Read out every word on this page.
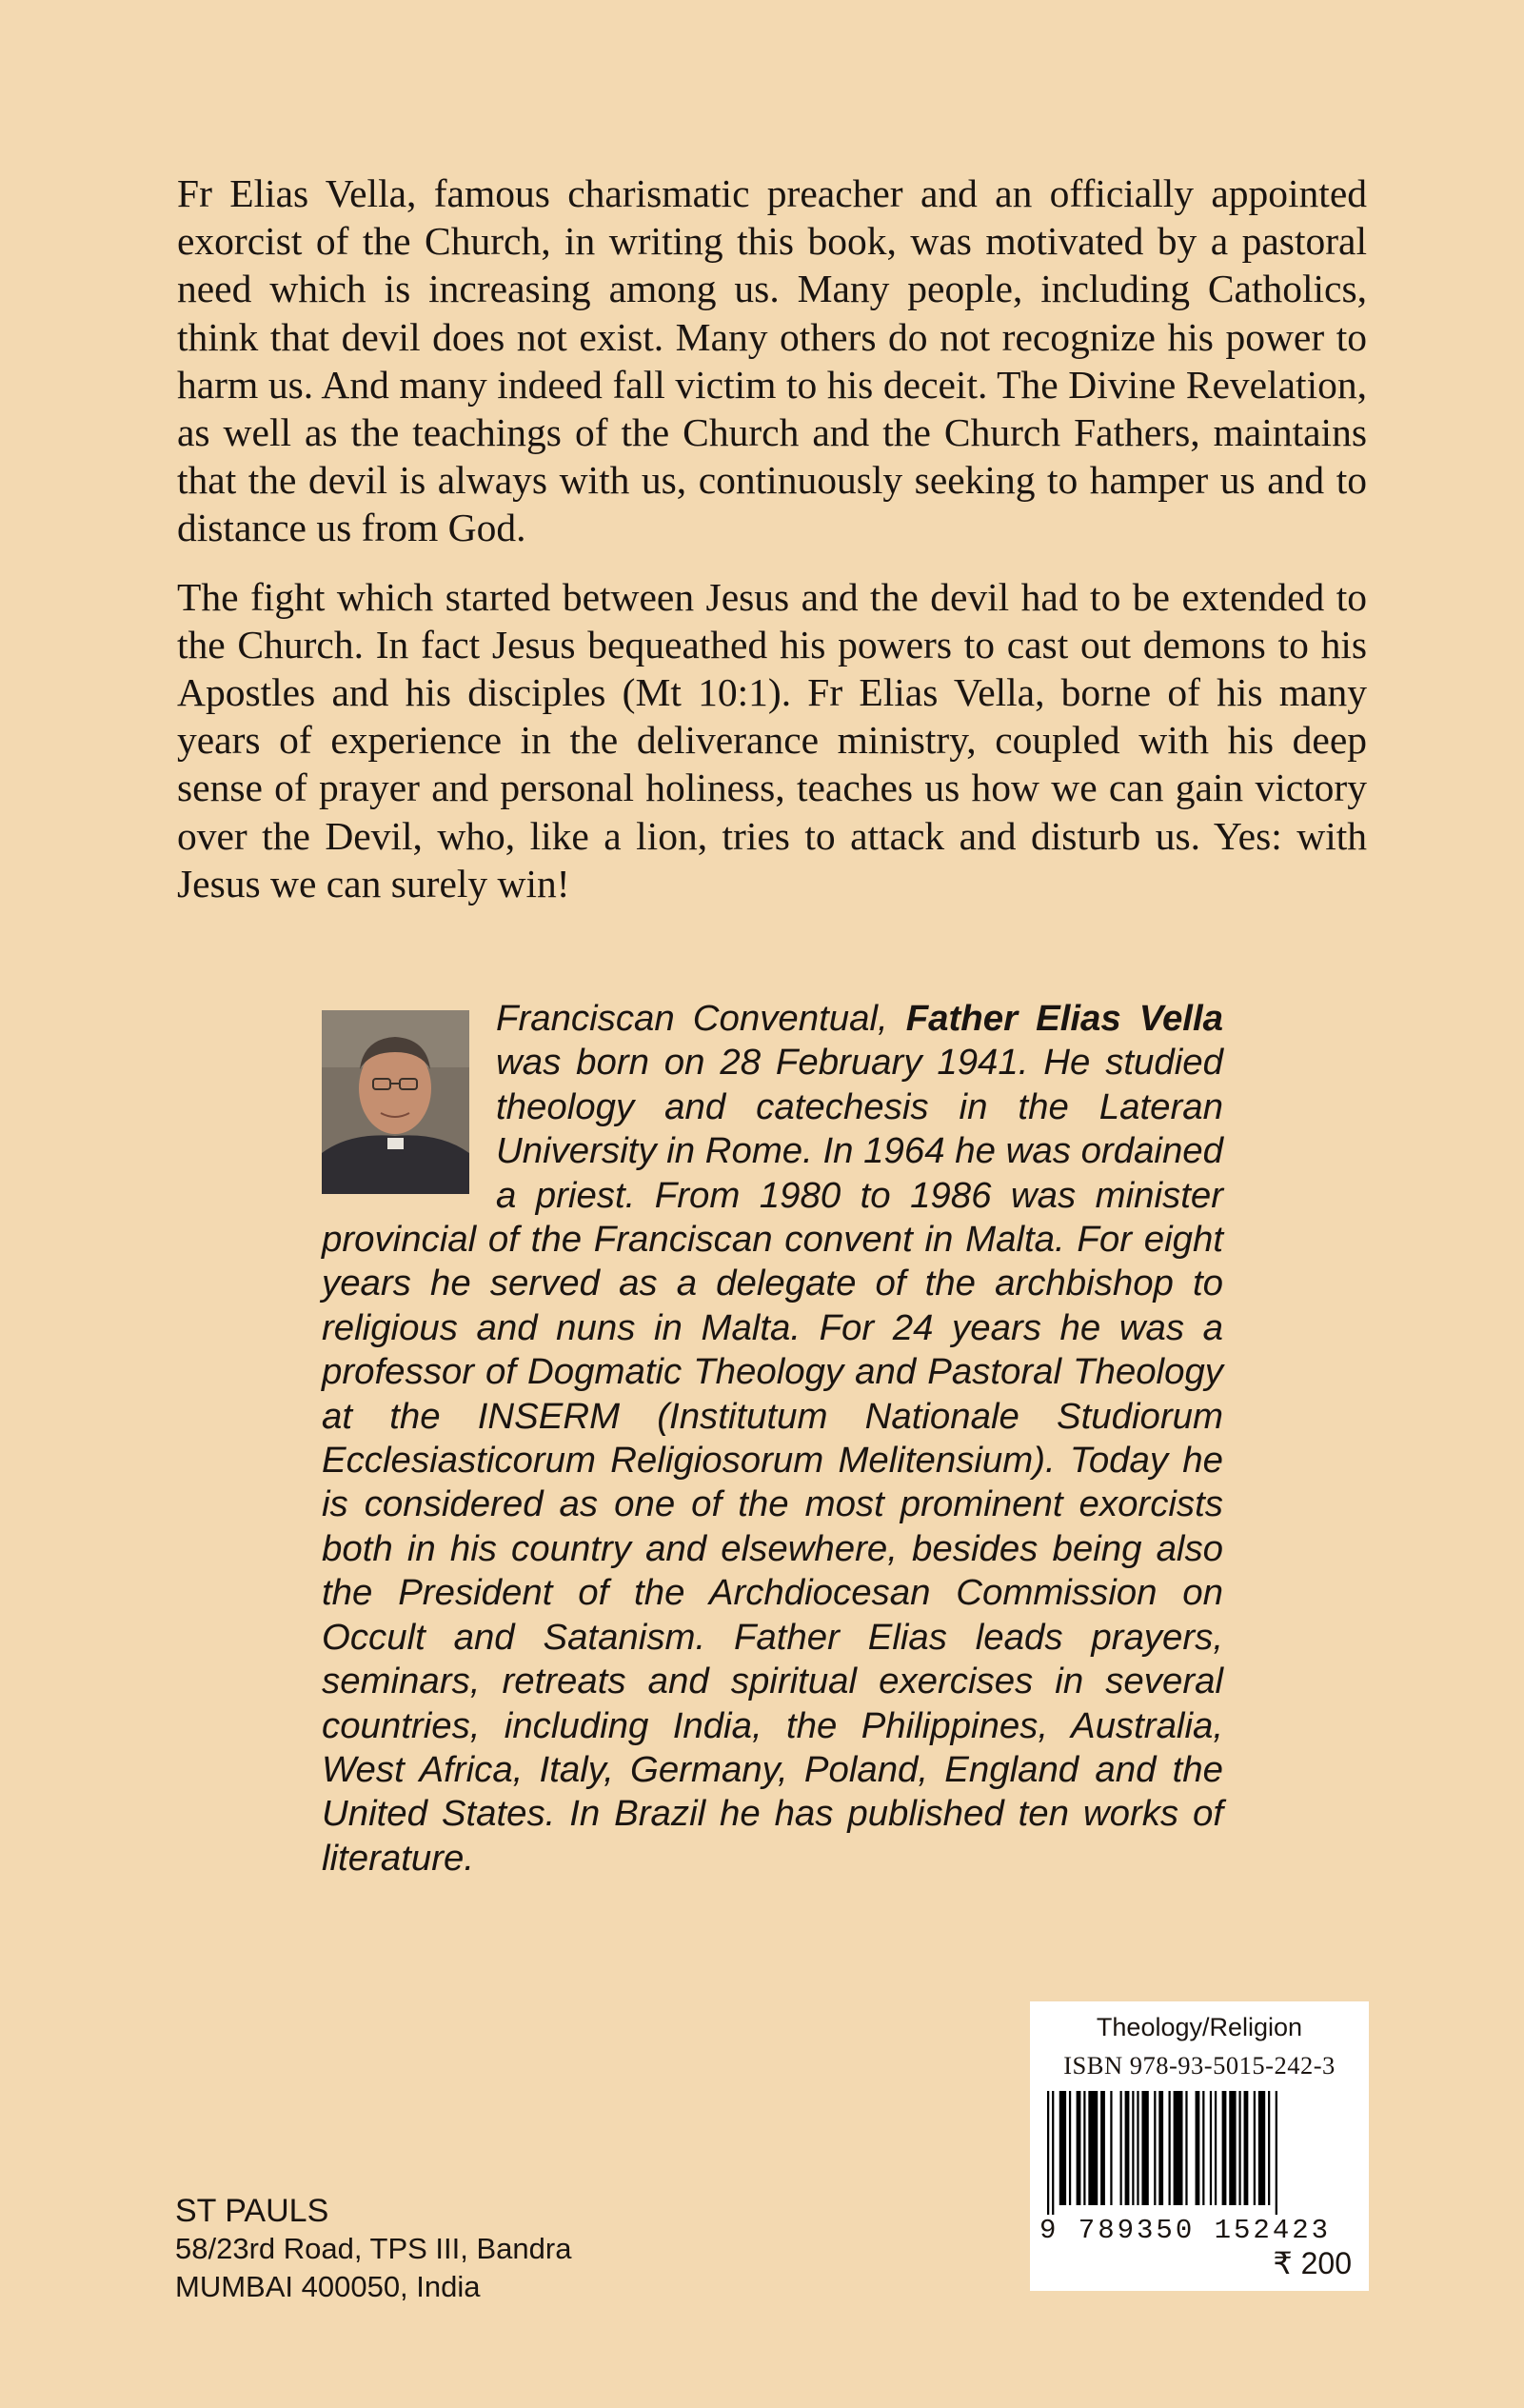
Fr Elias Vella, famous charismatic preacher and an officially appointed exorcist of the Church, in writing this book, was motivated by a pastoral need which is increasing among us. Many people, including Catholics, think that devil does not exist. Many others do not recognize his power to harm us. And many indeed fall victim to his deceit. The Divine Revelation, as well as the teachings of the Church and the Church Fathers, maintains that the devil is always with us, continuously seeking to hamper us and to distance us from God.

The fight which started between Jesus and the devil had to be extended to the Church. In fact Jesus bequeathed his powers to cast out demons to his Apostles and his disciples (Mt 10:1). Fr Elias Vella, borne of his many years of experience in the deliverance ministry, coupled with his deep sense of prayer and personal holiness, teaches us how we can gain victory over the Devil, who, like a lion, tries to attack and disturb us. Yes: with Jesus we can surely win!

Franciscan Conventual, Father Elias Vella was born on 28 February 1941. He studied theology and catechesis in the Lateran University in Rome. In 1964 he was ordained a priest. From 1980 to 1986 was minister provincial of the Franciscan convent in Malta. For eight years he served as a delegate of the archbishop to religious and nuns in Malta. For 24 years he was a professor of Dogmatic Theology and Pastoral Theology at the INSERM (Institutum Nationale Studiorum Ecclesiasticorum Religiosorum Melitensium). Today he is considered as one of the most prominent exorcists both in his country and elsewhere, besides being also the President of the Archdiocesan Commission on Occult and Satanism. Father Elias leads prayers, seminars, retreats and spiritual exercises in several countries, including India, the Philippines, Australia, West Africa, Italy, Germany, Poland, England and the United States. In Brazil he has published ten works of literature.
ST PAULS
58/23rd Road, TPS III, Bandra
MUMBAI 400050, India
Theology/Religion
ISBN 978-93-5015-242-3
9 789350 152423
₹ 200
